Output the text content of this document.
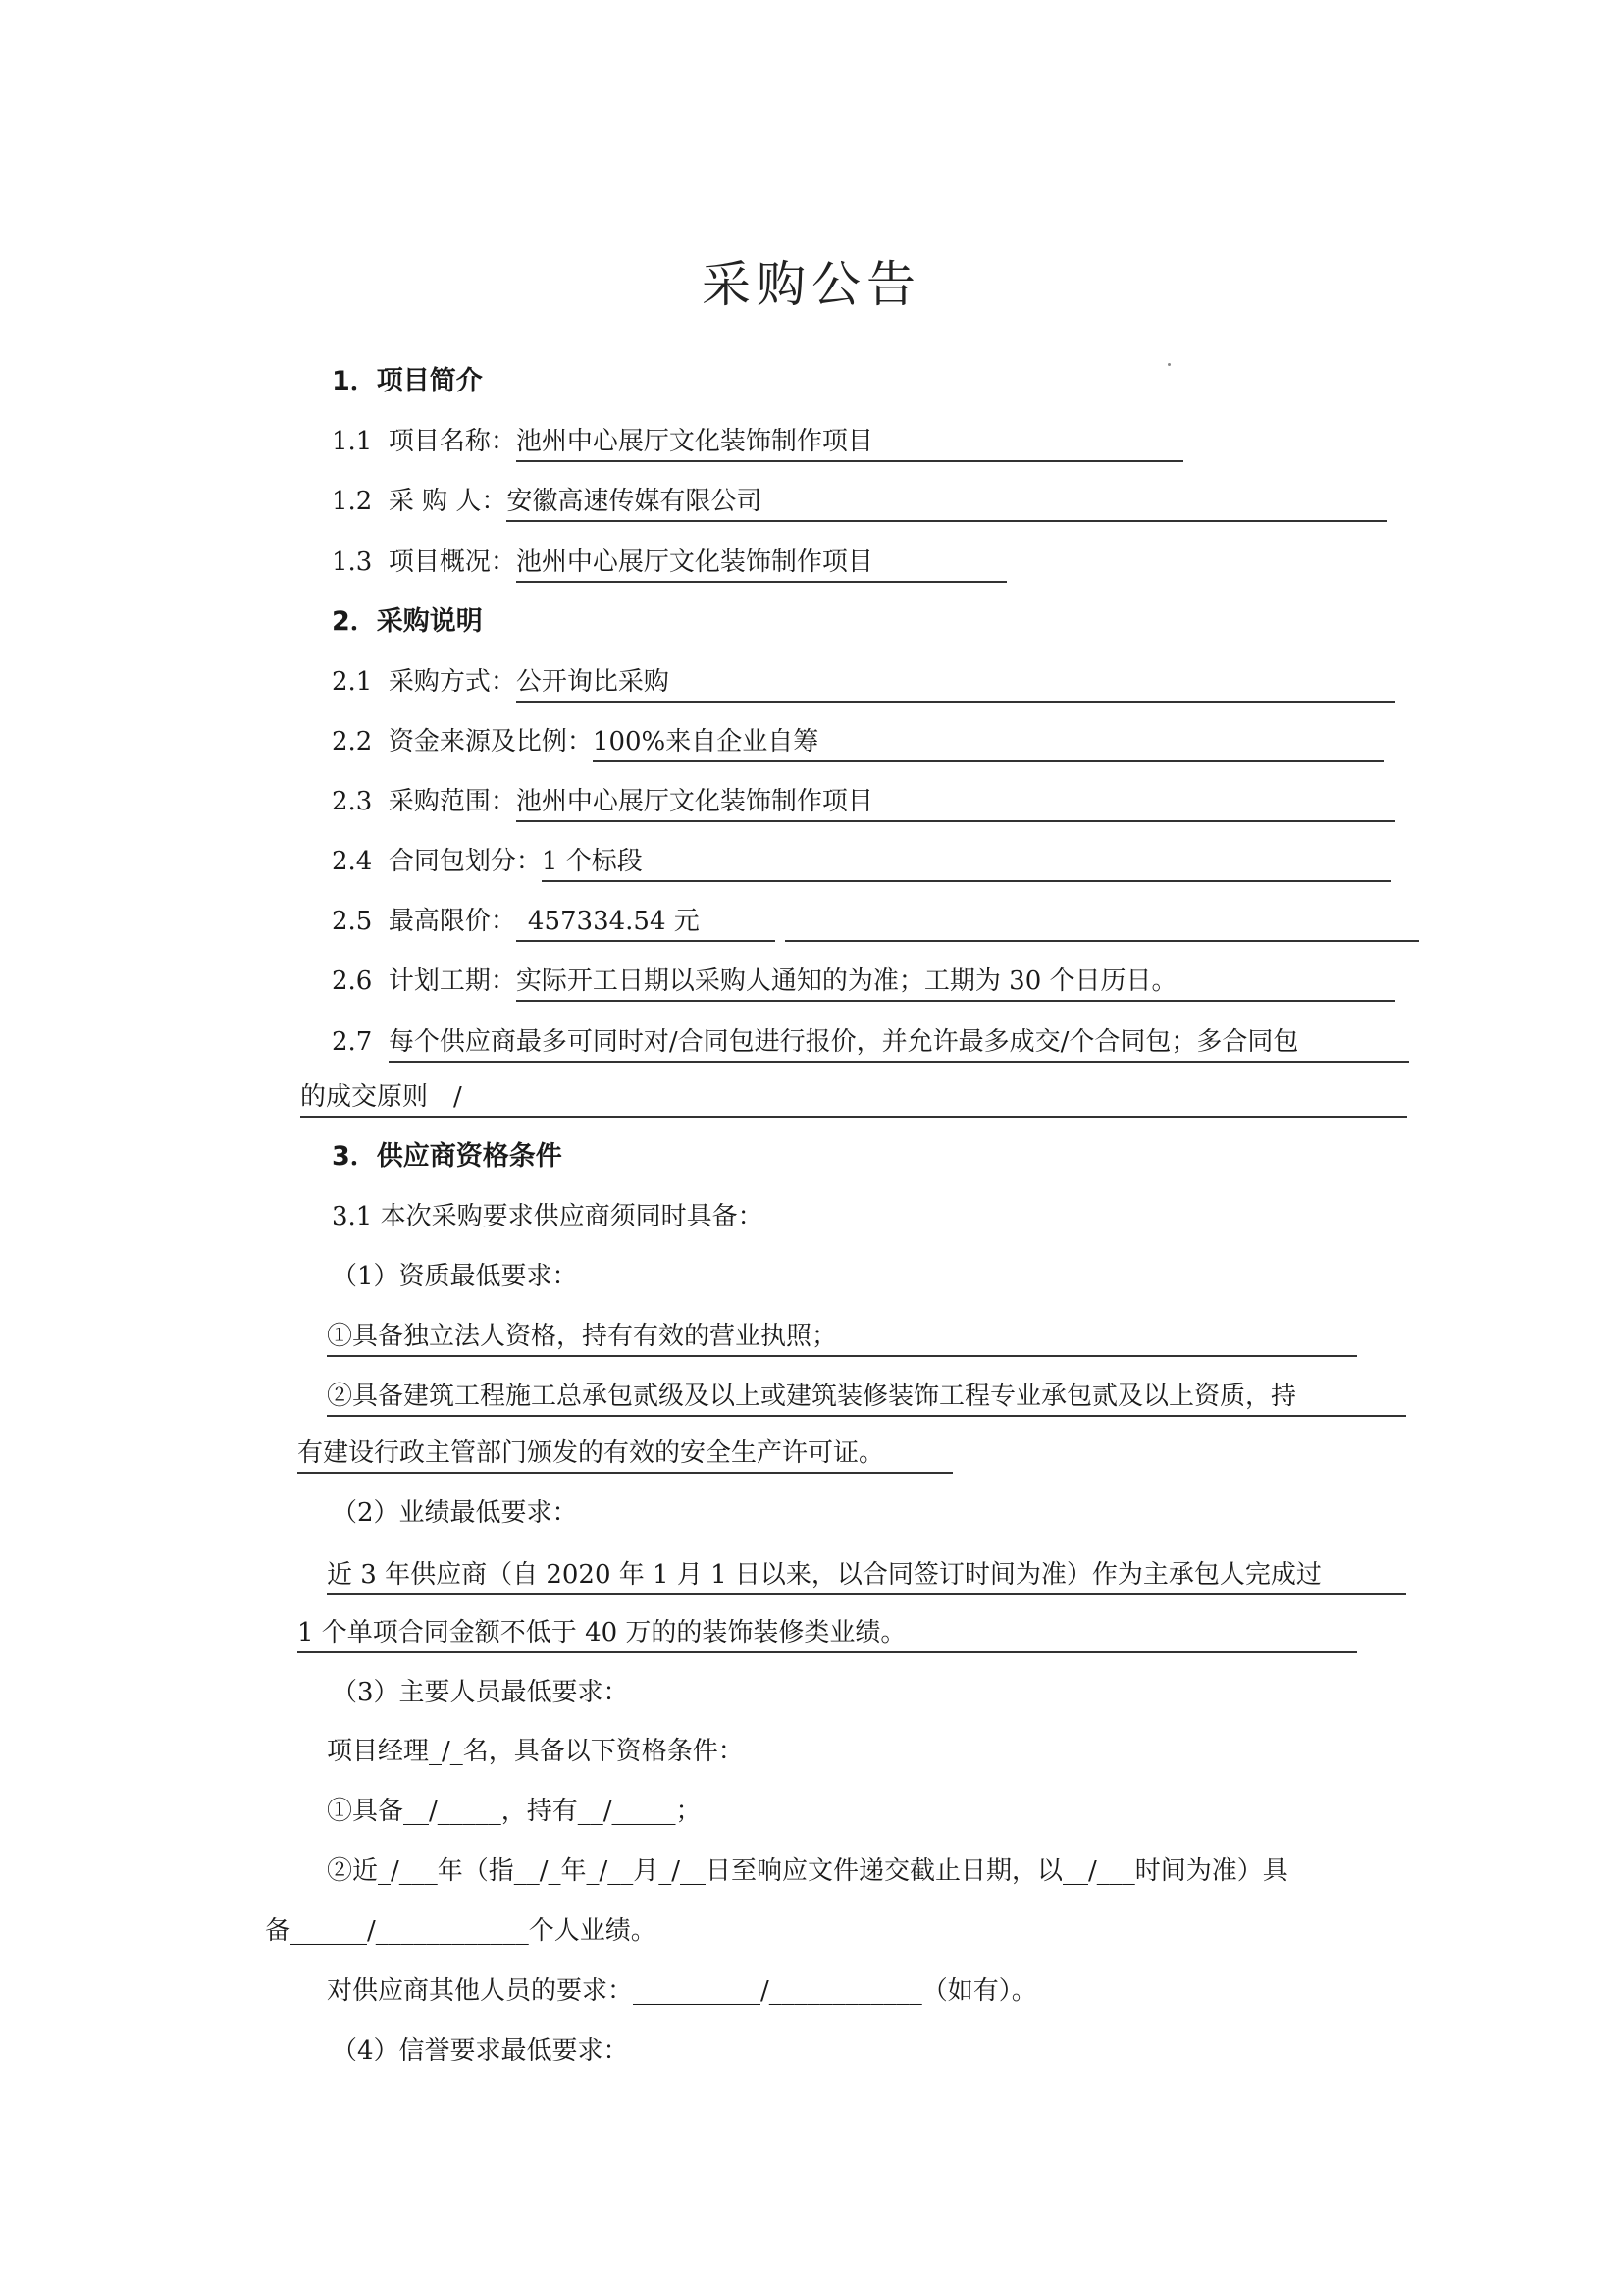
采购公告
1．项目简介
1.1 项目名称：池州中心展厅文化装饰制作项目
1.2 采 购 人：安徽高速传媒有限公司
1.3 项目概况：池州中心展厅文化装饰制作项目
2．采购说明
2.1 采购方式：公开询比采购
2.2 资金来源及比例：100%来自企业自筹
2.3 采购范围：池州中心展厅文化装饰制作项目
2.4 合同包划分：1 个标段
2.5 最高限价： 457334.54 元
2.6 计划工期：实际开工日期以采购人通知的为准；工期为 30 个日历日。
2.7 每个供应商最多可同时对/合同包进行报价，并允许最多成交/个合同包；多合同包
的成交原则　/
3．供应商资格条件
3.1 本次采购要求供应商须同时具备：
（1）资质最低要求：
①具备独立法人资格，持有有效的营业执照；
②具备建筑工程施工总承包贰级及以上或建筑装修装饰工程专业承包贰及以上资质，持
有建设行政主管部门颁发的有效的安全生产许可证。
（2）业绩最低要求：
近 3 年供应商（自 2020 年 1 月 1 日以来，以合同签订时间为准）作为主承包人完成过
1 个单项合同金额不低于 40 万的的装饰装修类业绩。
（3）主要人员最低要求：
项目经理_/_名，具备以下资格条件：
①具备__/_____，持有__/_____；
②近_/___年（指__/_年_/__月_/__日至响应文件递交截止日期，以__/___时间为准）具
备______/____________个人业绩。
对供应商其他人员的要求：__________/____________（如有）。
（4）信誉要求最低要求：
